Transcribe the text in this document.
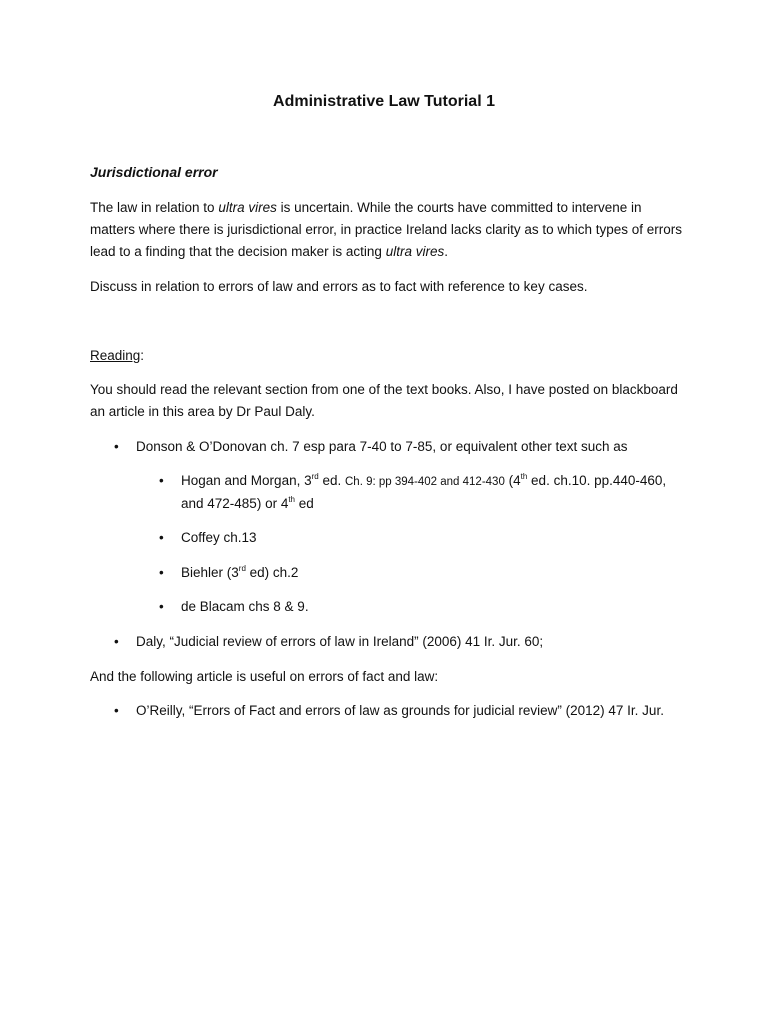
Administrative Law Tutorial 1
Jurisdictional error

The law in relation to ultra vires is uncertain. While the courts have committed to intervene in matters where there is jurisdictional error, in practice Ireland lacks clarity as to which types of errors lead to a finding that the decision maker is acting ultra vires.

Discuss in relation to errors of law and errors as to fact with reference to key cases.

Reading:

You should read the relevant section from one of the text books. Also, I have posted on blackboard an article in this area by Dr Paul Daly.

• Donson & O’Donovan ch. 7 esp para 7-40 to 7-85, or equivalent other text such as
• Hogan and Morgan, 3rd ed. Ch. 9: pp 394-402 and 412-430 (4th ed. ch.10. pp.440-460, and 472-485) or 4th ed
• Coffey ch.13
• Biehler (3rd ed) ch.2
• de Blacam chs 8 & 9.
• Daly, “Judicial review of errors of law in Ireland” (2006) 41 Ir. Jur. 60;

And the following article is useful on errors of fact and law:

• O’Reilly, “Errors of Fact and errors of law as grounds for judicial review” (2012) 47 Ir. Jur.
